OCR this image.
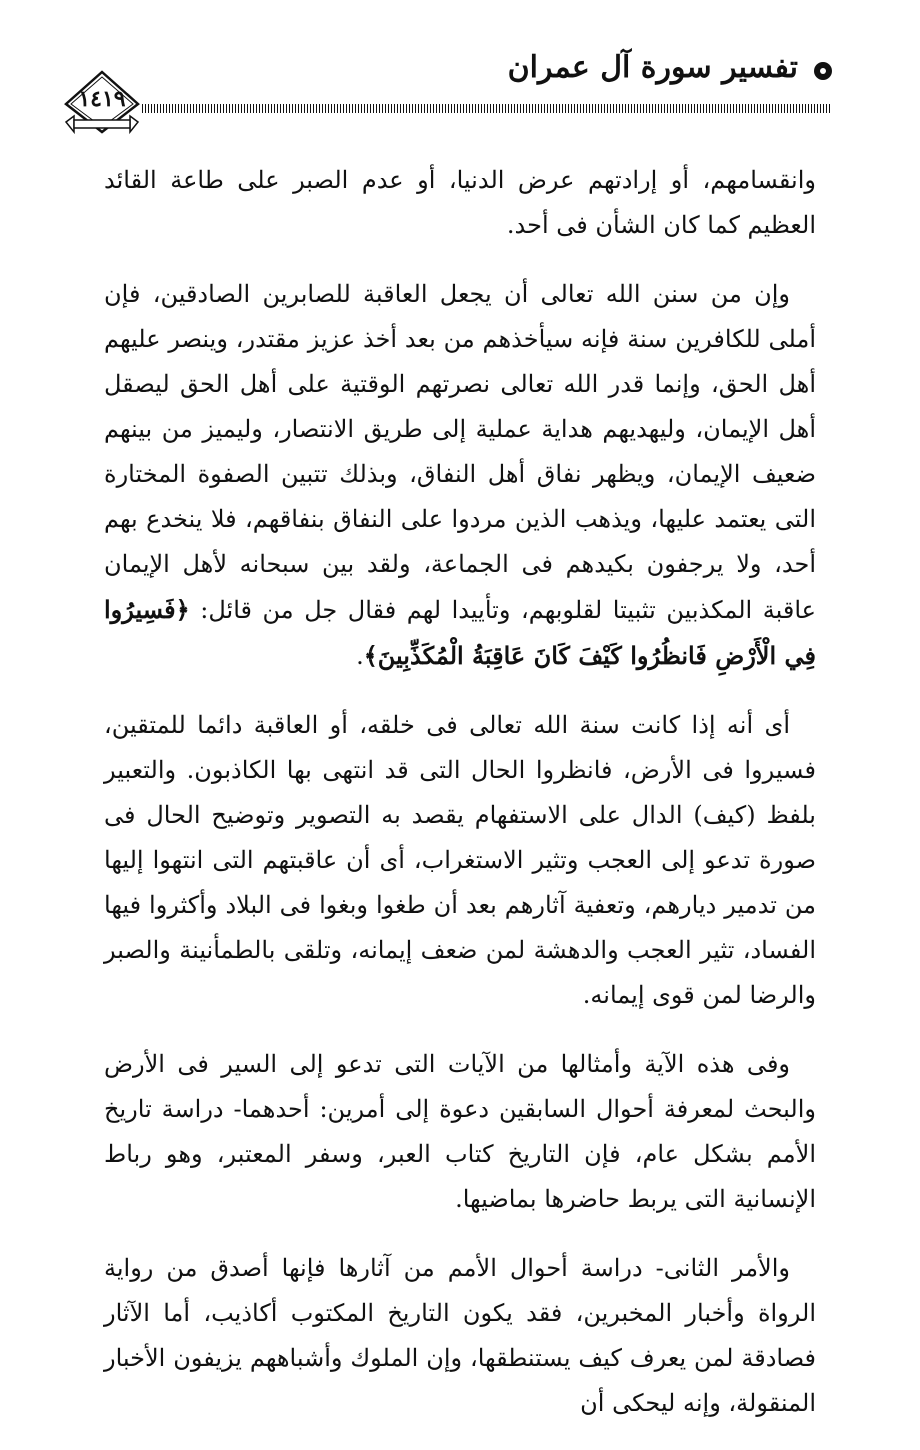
تفسير سورة آل عمران
١٤١٩

وانقسامهم، أو إرادتهم عرض الدنيا، أو عدم الصبر على طاعة القائد العظيم كما كان الشأن فى أحد.

وإن من سنن الله تعالى أن يجعل العاقبة للصابرين الصادقين، فإن أملى للكافرين سنة فإنه سيأخذهم من بعد أخذ عزيز مقتدر، وينصر عليهم أهل الحق، وإنما قدر الله تعالى نصرتهم الوقتية على أهل الحق ليصقل أهل الإيمان، وليهديهم هداية عملية إلى طريق الانتصار، وليميز من بينهم ضعيف الإيمان، ويظهر نفاق أهل النفاق، وبذلك تتبين الصفوة المختارة التى يعتمد عليها، ويذهب الذين مردوا على النفاق بنفاقهم، فلا ينخدع بهم أحد، ولا يرجفون بكيدهم فى الجماعة، ولقد بين سبحانه لأهل الإيمان عاقبة المكذبين تثبيتا لقلوبهم، وتأييدا لهم فقال جل من قائل: ﴿فَسِيرُوا فِي الْأَرْضِ فَانظُرُوا كَيْفَ كَانَ عَاقِبَةُ الْمُكَذِّبِينَ﴾.

أى أنه إذا كانت سنة الله تعالى فى خلقه، أو العاقبة دائما للمتقين، فسيروا فى الأرض، فانظروا الحال التى قد انتهى بها الكاذبون. والتعبير بلفظ (كيف) الدال على الاستفهام يقصد به التصوير وتوضيح الحال فى صورة تدعو إلى العجب وتثير الاستغراب، أى أن عاقبتهم التى انتهوا إليها من تدمير ديارهم، وتعفية آثارهم بعد أن طغوا وبغوا فى البلاد وأكثروا فيها الفساد، تثير العجب والدهشة لمن ضعف إيمانه، وتلقى بالطمأنينة والصبر والرضا لمن قوى إيمانه.

وفى هذه الآية وأمثالها من الآيات التى تدعو إلى السير فى الأرض والبحث لمعرفة أحوال السابقين دعوة إلى أمرين: أحدهما- دراسة تاريخ الأمم بشكل عام، فإن التاريخ كتاب العبر، وسفر المعتبر، وهو رباط الإنسانية التى يربط حاضرها بماضيها.

والأمر الثانى- دراسة أحوال الأمم من آثارها فإنها أصدق من رواية الرواة وأخبار المخبرين، فقد يكون التاريخ المكتوب أكاذيب، أما الآثار فصادقة لمن يعرف كيف يستنطقها، وإن الملوك وأشباههم يزيفون الأخبار المنقولة، وإنه ليحكى أن
